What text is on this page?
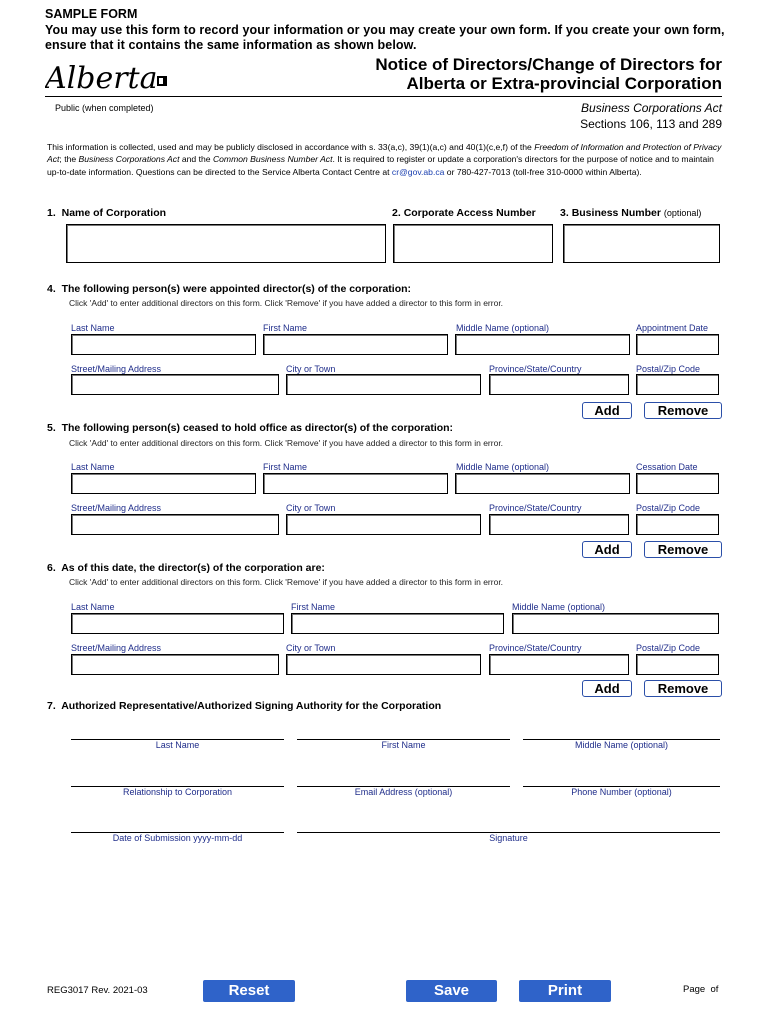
SAMPLE FORM
You may use this form to record your information or you may create your own form. If you create your own form, ensure that it contains the same information as shown below.
Alberta	Notice of Directors/Change of Directors for
Alberta or Extra-provincial Corporation
Public (when completed)	Business Corporations Act
Sections 106, 113 and 289
This information is collected, used and may be publicly disclosed in accordance with s. 33(a,c), 39(1)(a,c) and 40(1)(c,e,f) of the Freedom of Information and Protection of Privacy Act; the Business Corporations Act and the Common Business Number Act. It is required to register or update a corporation's directors for the purpose of notice and to maintain up-to-date information. Questions can be directed to the Service Alberta Contact Centre at cr@gov.ab.ca or 780-427-7013 (toll-free 310-0000 within Alberta).
1. Name of Corporation	2. Corporate Access Number 3. Business Number (optional)
4. The following person(s) were appointed director(s) of the corporation:
Click 'Add' to enter additional directors on this form. Click 'Remove' if you have added a director to this form in error.
Last Name	First Name	Middle Name (optional)	Appointment Date
Street/Mailing Address	City or Town	Province/State/Country	Postal/Zip Code
Add	Remove
5. The following person(s) ceased to hold office as director(s) of the corporation:
Click 'Add' to enter additional directors on this form. Click 'Remove' if you have added a director to this form in error.
Last Name	First Name	Middle Name (optional)	Cessation Date
Street/Mailing Address	City or Town	Province/State/Country	Postal/Zip Code
Add	Remove
6. As of this date, the director(s) of the corporation are:
Click 'Add' to enter additional directors on this form. Click 'Remove' if you have added a director to this form in error.
Last Name	First Name	Middle Name (optional)
Street/Mailing Address	City or Town	Province/State/Country	Postal/Zip Code
Add	Remove
7. Authorized Representative/Authorized Signing Authority for the Corporation
Last Name	First Name	Middle Name (optional)
Relationship to Corporation	Email Address (optional)	Phone Number (optional)
Date of Submission yyyy-mm-dd	Signature
REG3017 Rev. 2021-03	Reset	Save	Print	Page  of
